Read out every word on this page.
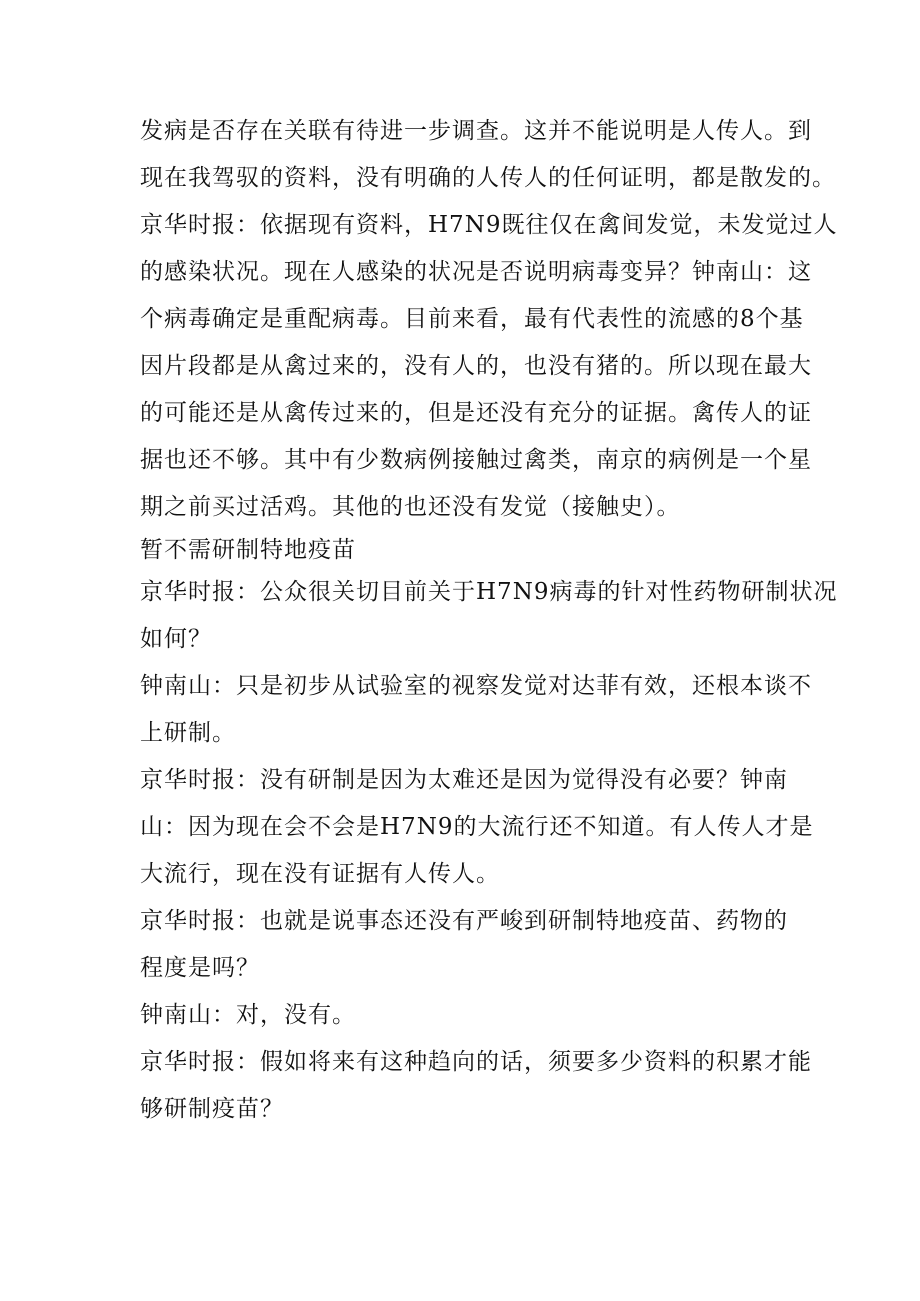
发病是否存在关联有待进一步调查。这并不能说明是人传人。到
现在我驾驭的资料，没有明确的人传人的任何证明，都是散发的。
京华时报：依据现有资料，H7N9既往仅在禽间发觉，未发觉过人
的感染状况。现在人感染的状况是否说明病毒变异？钟南山：这
个病毒确定是重配病毒。目前来看，最有代表性的流感的8个基
因片段都是从禽过来的，没有人的，也没有猪的。所以现在最大
的可能还是从禽传过来的，但是还没有充分的证据。禽传人的证
据也还不够。其中有少数病例接触过禽类，南京的病例是一个星
期之前买过活鸡。其他的也还没有发觉（接触史）。
暂不需研制特地疫苗
京华时报：公众很关切目前关于H7N9病毒的针对性药物研制状况
如何？
钟南山：只是初步从试验室的视察发觉对达菲有效，还根本谈不
上研制。
京华时报：没有研制是因为太难还是因为觉得没有必要？钟南
山：因为现在会不会是H7N9的大流行还不知道。有人传人才是
大流行，现在没有证据有人传人。
京华时报：也就是说事态还没有严峻到研制特地疫苗、药物的
程度是吗？
钟南山：对，没有。
京华时报：假如将来有这种趋向的话，须要多少资料的积累才能
够研制疫苗？
